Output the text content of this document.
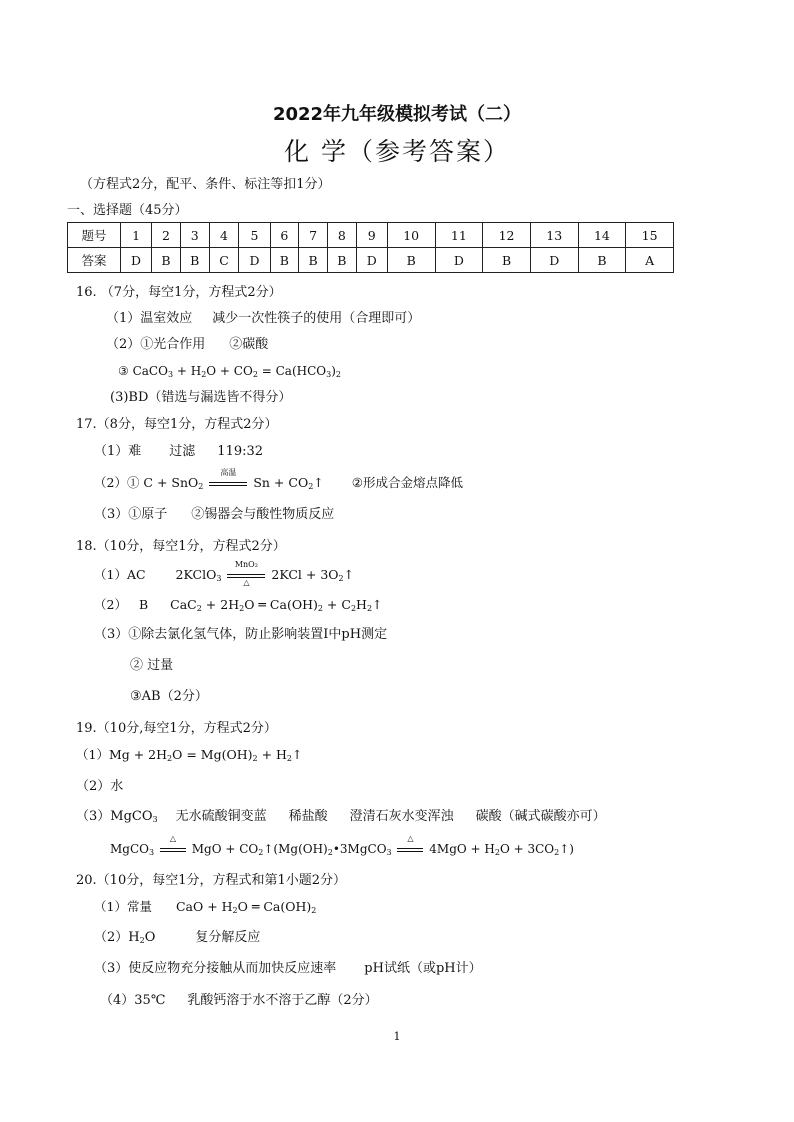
2022年九年级模拟考试（二）
化 学（参考答案）
（方程式2分，配平、条件、标注等扣1分）
一、选择题（45分）
题号	1	2	3	4	5	6	7	8	9	10	11	12	13	14	15
答案	D	B	B	C	D	B	B	B	D	B	D	B	D	B	A
16. （7分，每空1分，方程式2分）
（1）温室效应 减少一次性筷子的使用（合理即可）
（2）①光合作用 ②碳酸
③ CaCO$_3$ + $H_2O + CO_2 = Ca(HCO_3)_2$
(3)BD（错选与漏选皆不得分）
17.（8分，每空1分，方程式2分）
（1）难 过滤 119:32
（2）① C + SnO$_2$
高温
$Sn + CO_2↑$ ②形成合金熔点降低
（3）①原子 ②锡器会与酸性物质反应
18.（10分，每空1分，方程式2分）
（1）AC 2KClO$_3$
MnO₂
△	$2KCl + 3O_2↑$
（2） B $CaC_2 + 2H_2O$ ═ $Ca(OH)_2$ + $C_2H_2↑$
（3）①除去氯化氢气体，防止影响装置Ⅰ中pH测定
② 过量
③AB（2分）
19.（10分,每空1分，方程式2分）
$(1)Mg + 2H_2O = Mg(OH)_2$ + $H_2↑$
（2）水
（3）MgCO$_3$ 无水硫酸铜变蓝 稀盐酸 澄清石灰水变浑浊 碳酸（碱式碳酸亦可）
MgCO$_3$
△
MgO + $CO_2↑(Mg(OH)_2•3MgCO_3$
△
$4MgO + H_2O$ + $3CO_2↑$)
20.（10分，每空1分，方程式和第1小题2分）
（1）常量 CaO + $H_2O$ ═ $Ca(OH)_2$
$(2)H_2O$	复分解反应
（3）使反应物充分接触从而加快反应速率 pH试纸（或pH计）
（4）35℃ 乳酸钙溶于水不溶于乙醇（2分）
1
